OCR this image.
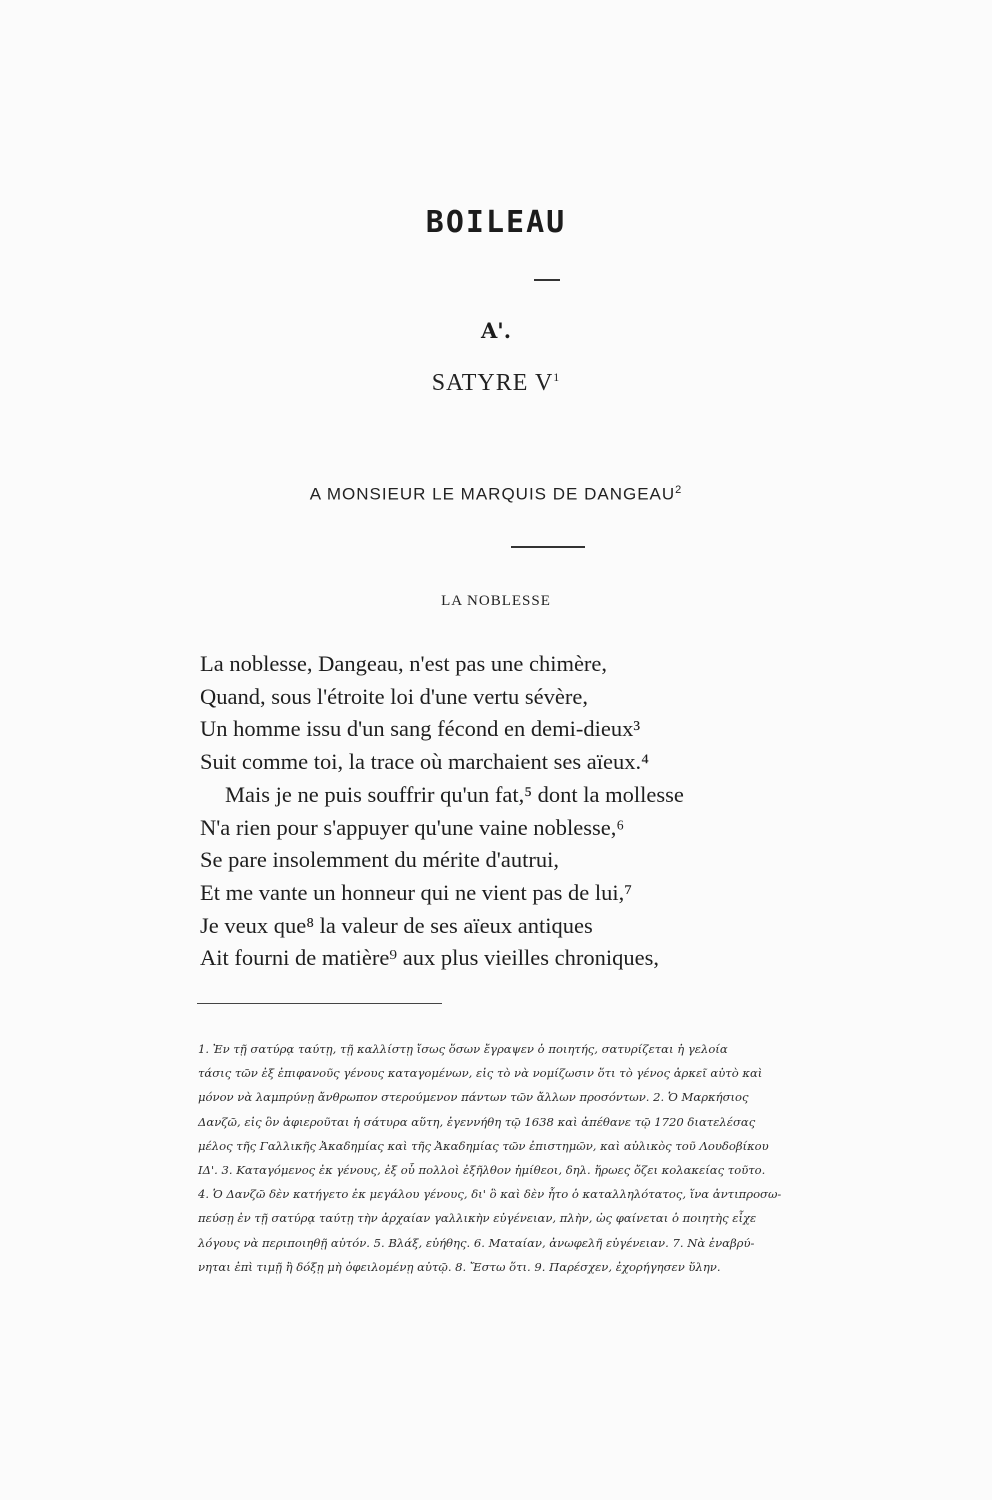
BOILEAU
A'.
SATYRE $V^1$
A MONSIEUR LE MARQUIS DE DANGEAU$^2$
LA NOBLESSE
La noblesse, Dangeau, n'est pas une chimère,
Quand, sous l'étroite loi d'une vertu sévère,
Un homme issu d'un sang fécond en demi-dieux³
Suit comme toi, la trace où marchaient ses aïeux.⁴
Mais je ne puis souffrir qu'un fat,⁵ dont la mollesse
N'a rien pour s'appuyer qu'une vaine noblesse,⁶
Se pare insolemment du mérite d'autrui,
Et me vante un honneur qui ne vient pas de lui,⁷
Je veux que⁸ la valeur de ses aïeux antiques
Ait fourni de matière⁹ aux plus vieilles chroniques,
1. Ἐν τῇ σατύρᾳ ταύτῃ, τῇ καλλίστῃ ἴσως ὅσων ἔγραψεν ὁ ποιητής, σατυρίζεται ἡ γελοία
τάσις τῶν ἐξ ἐπιφανοῦς γένους καταγομένων, εἰς τὸ νὰ νομίζωσιν ὅτι τὸ γένος ἀρκεῖ αὐτὸ καὶ
μόνον νὰ λαμπρύνῃ ἄνθρωπον στερούμενον πάντων τῶν ἄλλων προσόντων. 2. Ὁ Μαρκήσιος
Δανζῶ, εἰς ὃν ἀφιεροῦται ἡ σάτυρα αὕτη, ἐγεννήθη τῷ 1638 καὶ ἀπέθανε τῷ 1720 διατελέσας
μέλος τῆς Γαλλικῆς Ἀκαδημίας καὶ τῆς Ἀκαδημίας τῶν ἐπιστημῶν, καὶ αὐλικὸς τοῦ Λουδοβίκου
ΙΔ'. 3. Καταγόμενος ἐκ γένους, ἐξ οὗ πολλοὶ ἐξῆλθον ἡμίθεοι, δηλ. ἥρωες ὄζει κολακείας τοῦτο.
4. Ὁ Δανζῶ δὲν κατήγετο ἐκ μεγάλου γένους, δι' ὃ καὶ δὲν ἦτο ὁ καταλληλότατος, ἵνα ἀντιπροσω-
πεύσῃ ἐν τῇ σατύρᾳ ταύτῃ τὴν ἀρχαίαν γαλλικὴν εὐγένειαν, πλὴν, ὡς φαίνεται ὁ ποιητὴς εἶχε
λόγους νὰ περιποιηθῇ αὐτόν. 5. Βλάξ, εὐήθης. 6. Ματαίαν, ἀνωφελῆ εὐγένειαν. 7. Νὰ ἐναβρύ-
νηται ἐπὶ τιμῇ ἢ δόξῃ μὴ ὀφειλομένῃ αὐτῷ. 8. Ἔστω ὅτι. 9. Παρέσχεν, ἐχορήγησεν ὕλην.
